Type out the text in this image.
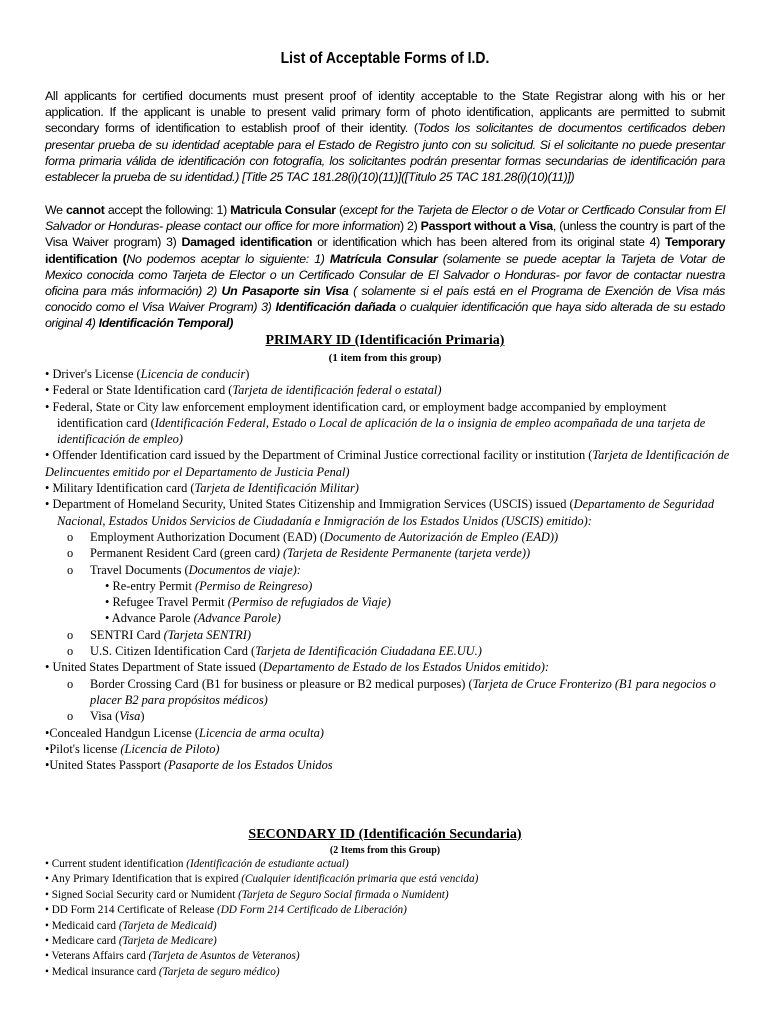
List of Acceptable Forms of I.D.
All applicants for certified documents must present proof of identity acceptable to the State Registrar along with his or her application. If the applicant is unable to present valid primary form of photo identification, applicants are permitted to submit secondary forms of identification to establish proof of their identity. (Todos los solicitantes de documentos certificados deben presentar prueba de su identidad aceptable para el Estado de Registro junto con su solicitud. Si el solicitante no puede presentar forma primaria válida de identificación con fotografía, los solicitantes podrán presentar formas secundarias de identificación para establecer la prueba de su identidad.) [Title 25 TAC 181.28(i)(10)(11)]([Titulo 25 TAC 181.28(i)(10)(11)])
We cannot accept the following: 1) Matricula Consular (except for the Tarjeta de Elector o de Votar or Certficado Consular from El Salvador or Honduras- please contact our office for more information) 2) Passport without a Visa, (unless the country is part of the Visa Waiver program) 3) Damaged identification or identification which has been altered from its original state 4) Temporary identification (No podemos aceptar lo siguiente: 1) Matrícula Consular (solamente se puede aceptar la Tarjeta de Votar de Mexico conocida como Tarjeta de Elector o un Certificado Consular de El Salvador o Honduras- por favor de contactar nuestra oficina para más información) 2) Un Pasaporte sin Visa ( solamente si el país está en el Programa de Exención de Visa más conocido como el Visa Waiver Program) 3) Identificación dañada o cualquier identificación que haya sido alterada de su estado original 4) Identificación Temporal)
PRIMARY ID (Identificación Primaria)
(1 item from this group)
• Driver's License (Licencia de conducir)
• Federal or State Identification card (Tarjeta de identificación federal o estatal)
• Federal, State or City law enforcement employment identification card, or employment badge accompanied by employment identification card (Identificación Federal, Estado o Local de aplicación de la o insignia de empleo acompañada de una tarjeta de identificación de empleo)
• Offender Identification card issued by the Department of Criminal Justice correctional facility or institution (Tarjeta de Identificación de Delincuentes emitido por el Departamento de Justicia Penal)
• Military Identification card (Tarjeta de Identificación Militar)
• Department of Homeland Security, United States Citizenship and Immigration Services (USCIS) issued (Departamento de Seguridad Nacional, Estados Unidos Servicios de Ciudadanía e Inmigración de los Estados Unidos (USCIS) emitido):
o Employment Authorization Document (EAD) (Documento de Autorización de Empleo (EAD))
o Permanent Resident Card (green card) (Tarjeta de Residente Permanente (tarjeta verde))
o Travel Documents (Documentos de viaje):
• Re-entry Permit (Permiso de Reingreso)
• Refugee Travel Permit (Permiso de refugiados de Viaje)
• Advance Parole (Advance Parole)
o SENTRI Card (Tarjeta SENTRI)
o U.S. Citizen Identification Card (Tarjeta de Identificación Ciudadana EE.UU.)
• United States Department of State issued (Departamento de Estado de los Estados Unidos emitido):
o Border Crossing Card (B1 for business or pleasure or B2 medical purposes) (Tarjeta de Cruce Fronterizo (B1 para negocios o placer B2 para propósitos médicos)
o Visa (Visa)
•Concealed Handgun License (Licencia de arma oculta)
•Pilot's license (Licencia de Piloto)
•United States Passport (Pasaporte de los Estados Unidos
SECONDARY ID (Identificación Secundaria)
(2 Items from this Group)
• Current student identification (Identificación de estudiante actual)
• Any Primary Identification that is expired (Cualquier identificación primaria que está vencida)
• Signed Social Security card or Numident (Tarjeta de Seguro Social firmada o Numident)
• DD Form 214 Certificate of Release (DD Form 214 Certificado de Liberación)
• Medicaid card (Tarjeta de Medicaid)
• Medicare card (Tarjeta de Medicare)
• Veterans Affairs card (Tarjeta de Asuntos de Veteranos)
• Medical insurance card (Tarjeta de seguro médico)
